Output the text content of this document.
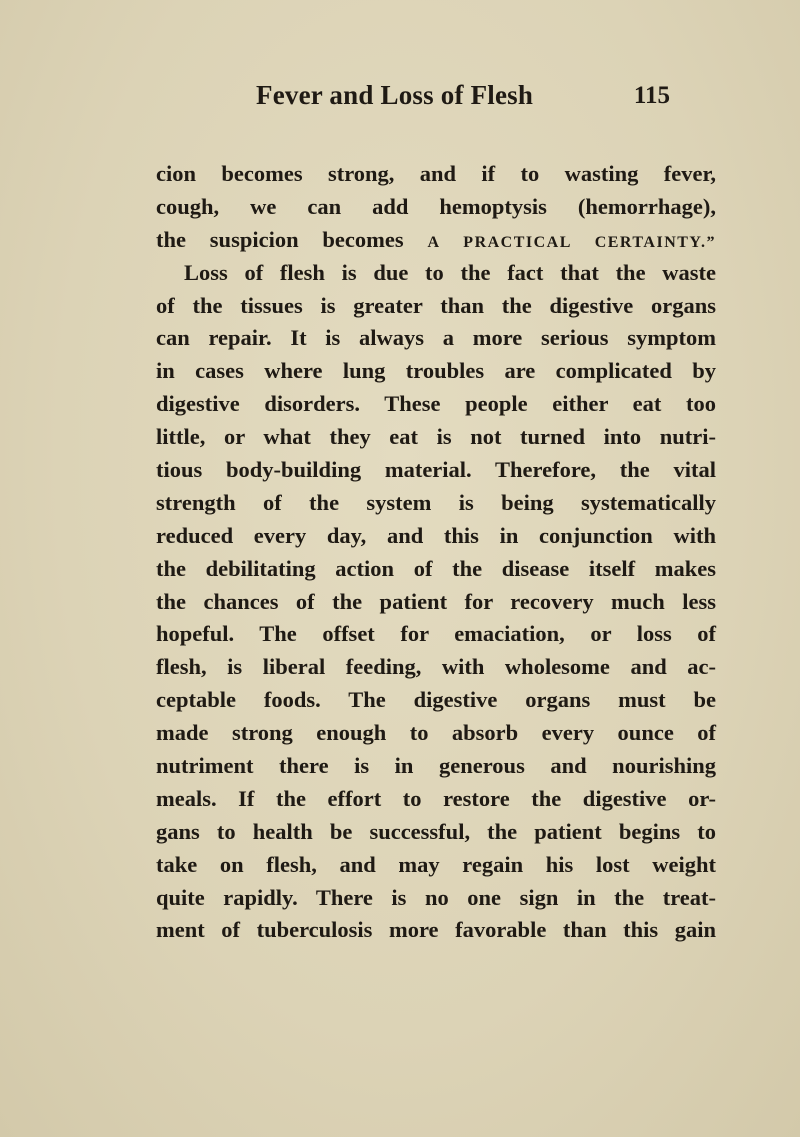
Fever and Loss of Flesh	115
cion becomes strong, and if to wasting fever,
cough, we can add hemoptysis (hemorrhage),
the suspicion becomes A PRACTICAL CERTAINTY.”
Loss of flesh is due to the fact that the waste
of the tissues is greater than the digestive organs
can repair. It is always a more serious symptom
in cases where lung troubles are complicated by
digestive disorders. These people either eat too
little, or what they eat is not turned into nutri-
tious body-building material. Therefore, the vital
strength of the system is being systematically
reduced every day, and this in conjunction with
the debilitating action of the disease itself makes
the chances of the patient for recovery much less
hopeful. The offset for emaciation, or loss of
flesh, is liberal feeding, with wholesome and ac-
ceptable foods. The digestive organs must be
made strong enough to absorb every ounce of
nutriment there is in generous and nourishing
meals. If the effort to restore the digestive or-
gans to health be successful, the patient begins to
take on flesh, and may regain his lost weight
quite rapidly. There is no one sign in the treat-
ment of tuberculosis more favorable than this gain
